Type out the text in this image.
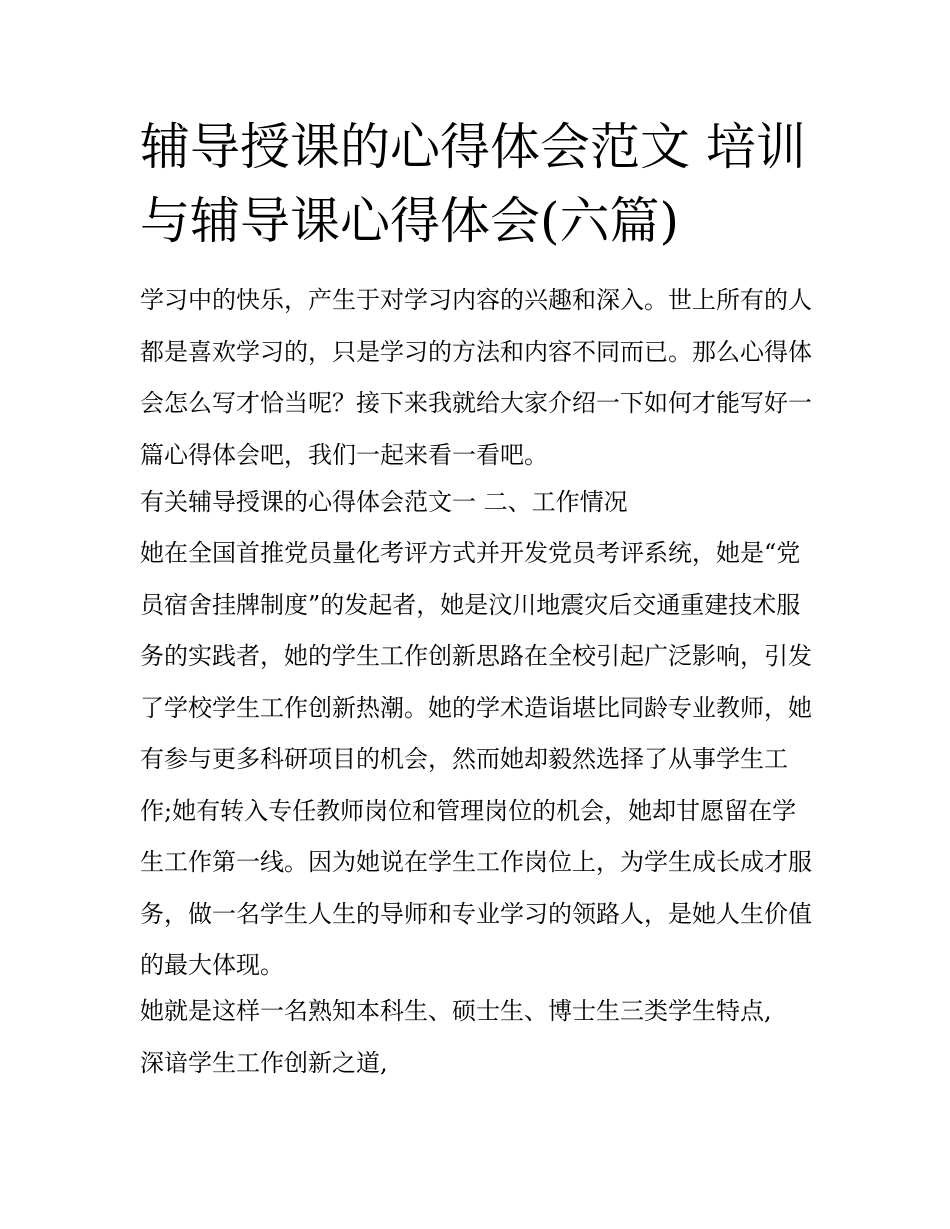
辅导授课的心得体会范文 培训与辅导课心得体会(六篇)

学习中的快乐，产生于对学习内容的兴趣和深入。世上所有的人都是喜欢学习的，只是学习的方法和内容不同而已。那么心得体会怎么写才恰当呢？接下来我就给大家介绍一下如何才能写好一篇心得体会吧，我们一起来看一看吧。

有关辅导授课的心得体会范文一 二、工作情况

她在全国首推党员量化考评方式并开发党员考评系统，她是“党员宿舍挂牌制度”的发起者，她是汶川地震灾后交通重建技术服务的实践者，她的学生工作创新思路在全校引起广泛影响，引发了学校学生工作创新热潮。她的学术造诣堪比同龄专业教师，她有参与更多科研项目的机会，然而她却毅然选择了从事学生工作;她有转入专任教师岗位和管理岗位的机会，她却甘愿留在学生工作第一线。因为她说在学生工作岗位上，为学生成长成才服务，做一名学生人生的导师和专业学习的领路人，是她人生价值的最大体现。

她就是这样一名熟知本科生、硕士生、博士生三类学生特点,
深谙学生工作创新之道,
